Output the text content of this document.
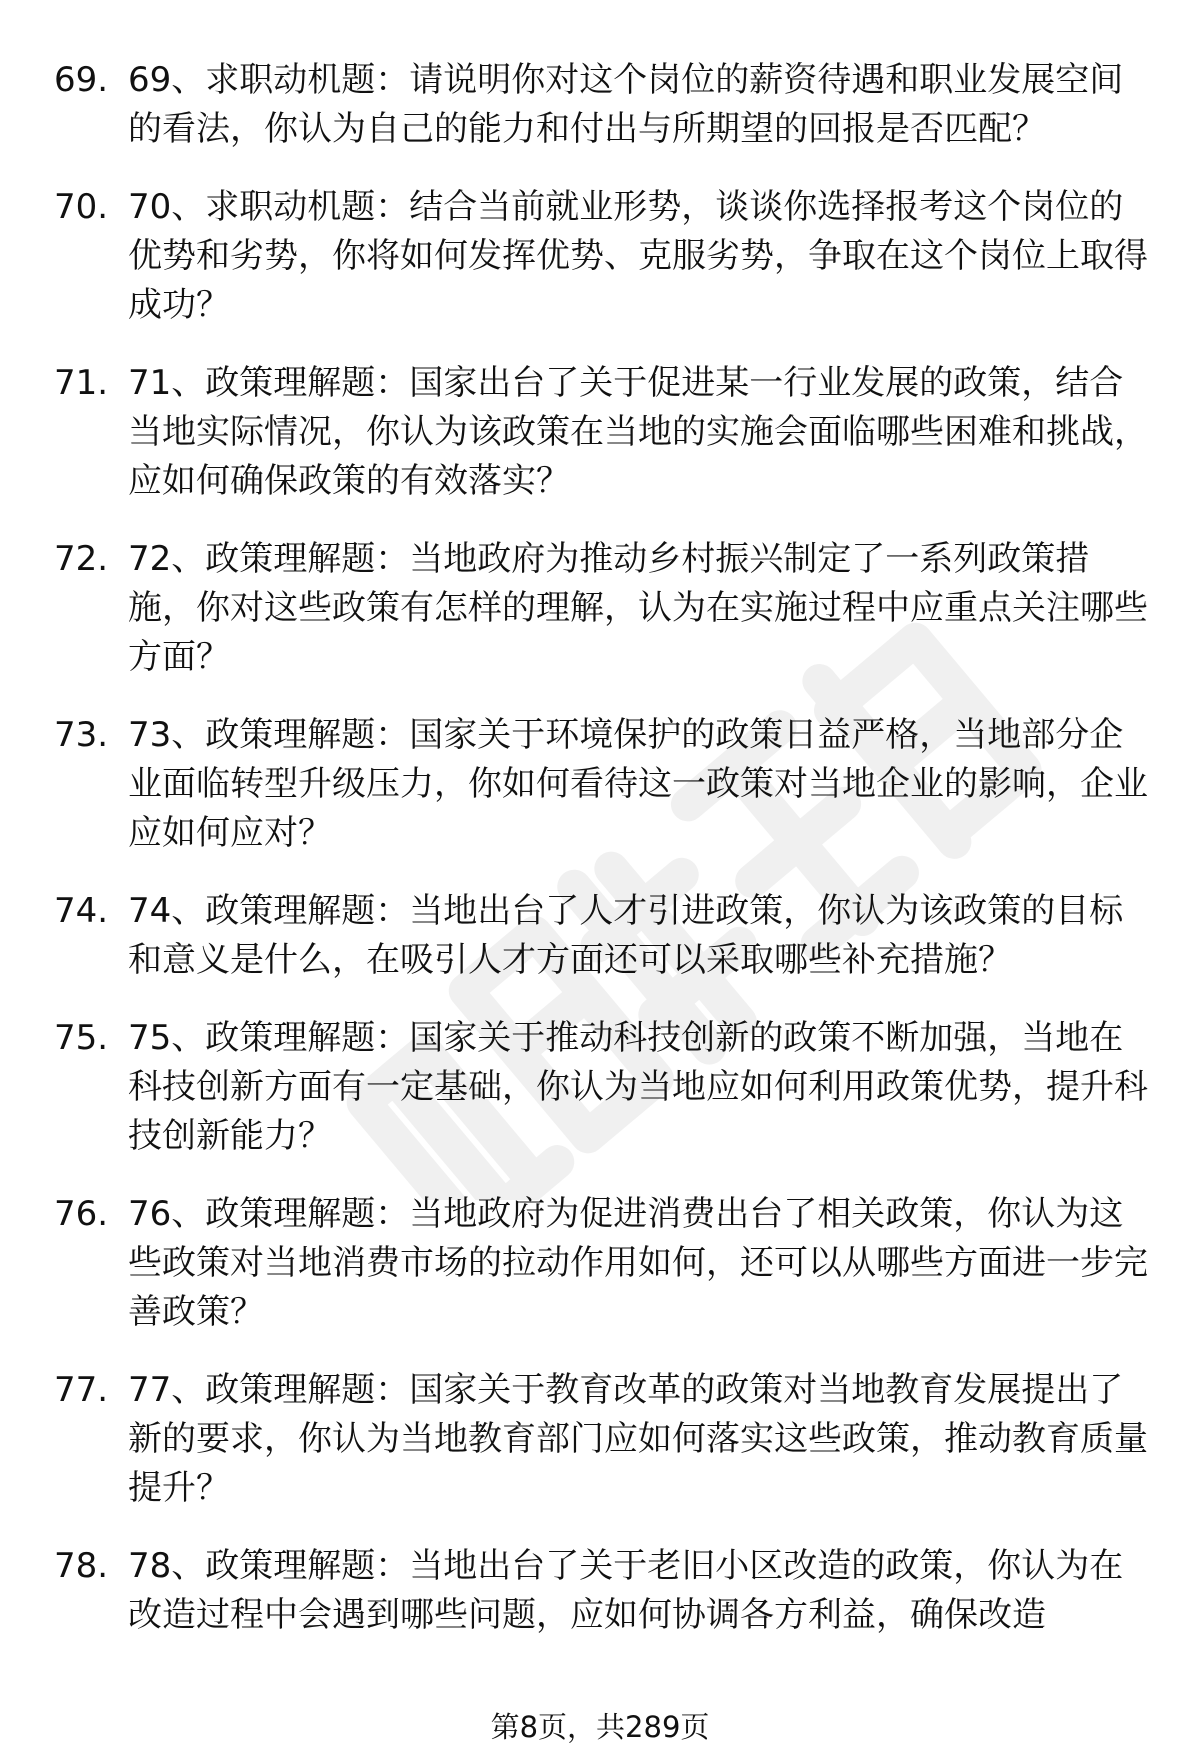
69. 69、求职动机题：请说明你对这个岗位的薪资待遇和职业发展空间的看法，你认为自己的能力和付出与所期望的回报是否匹配？
70. 70、求职动机题：结合当前就业形势，谈谈你选择报考这个岗位的优势和劣势，你将如何发挥优势、克服劣势，争取在这个岗位上取得成功？
71. 71、政策理解题：国家出台了关于促进某一行业发展的政策，结合当地实际情况，你认为该政策在当地的实施会面临哪些困难和挑战，应如何确保政策的有效落实？
72. 72、政策理解题：当地政府为推动乡村振兴制定了一系列政策措施，你对这些政策有怎样的理解，认为在实施过程中应重点关注哪些方面？
73. 73、政策理解题：国家关于环境保护的政策日益严格，当地部分企业面临转型升级压力，你如何看待这一政策对当地企业的影响，企业应如何应对？
74. 74、政策理解题：当地出台了人才引进政策，你认为该政策的目标和意义是什么，在吸引人才方面还可以采取哪些补充措施？
75. 75、政策理解题：国家关于推动科技创新的政策不断加强，当地在科技创新方面有一定基础，你认为当地应如何利用政策优势，提升科技创新能力？
76. 76、政策理解题：当地政府为促进消费出台了相关政策，你认为这些政策对当地消费市场的拉动作用如何，还可以从哪些方面进一步完善政策？
77. 77、政策理解题：国家关于教育改革的政策对当地教育发展提出了新的要求，你认为当地教育部门应如何落实这些政策，推动教育质量提升？
78. 78、政策理解题：当地出台了关于老旧小区改造的政策，你认为在改造过程中会遇到哪些问题，应如何协调各方利益，确保改造
第8页，共289页
